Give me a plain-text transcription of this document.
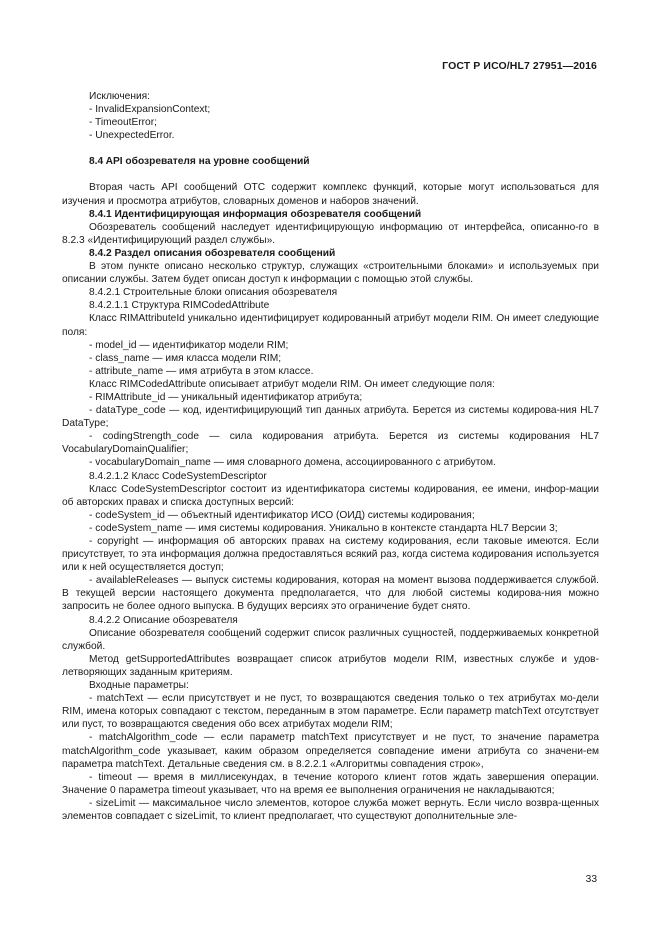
ГОСТ Р ИСО/HL7 27951—2016

Исключения:

- InvalidExpansionContext;

- TimeoutError;

- UnexpectedError.

8.4 API обозревателя на уровне сообщений

Вторая часть API сообщений ОТС содержит комплекс функций, которые могут использоваться для изучения и просмотра атрибутов, словарных доменов и наборов значений.

8.4.1 Идентифицирующая информация обозревателя сообщений

Обозреватель сообщений наследует идентифицирующую информацию от интерфейса, описанно-го в 8.2.3 «Идентифицирующий раздел службы».

8.4.2 Раздел описания обозревателя сообщений

В этом пункте описано несколько структур, служащих «строительными блоками» и используемых при описании службы. Затем будет описан доступ к информации с помощью этой службы.

8.4.2.1 Строительные блоки описания обозревателя

8.4.2.1.1 Структура RIMCodedAttribute

Класс RIMAttributeId уникально идентифицирует кодированный атрибут модели RIM. Он имеет следующие поля:

- model_id — идентификатор модели RIM;

- class_name — имя класса модели RIM;

- attribute_name — имя атрибута в этом классе.

Класс RIMCodedAttribute описывает атрибут модели RIM. Он имеет следующие поля:

- RIMAttribute_id — уникальный идентификатор атрибута;

- dataType_code — код, идентифицирующий тип данных атрибута. Берется из системы кодирова-ния HL7 DataType;

- codingStrength_code — сила кодирования атрибута. Берется из системы кодирования HL7 VocabularyDomainQualifier;

- vocabularyDomain_name — имя словарного домена, ассоциированного с атрибутом.

8.4.2.1.2 Класс CodeSystemDescriptor

Класс CodeSystemDescriptor состоит из идентификатора системы кодирования, ее имени, инфор-мации об авторских правах и списка доступных версий:

- codeSystem_id — объектный идентификатор ИСО (ОИД) системы кодирования;

- codeSystem_name — имя системы кодирования. Уникально в контексте стандарта HL7 Версии 3;

- copyright — информация об авторских правах на систему кодирования, если таковые имеются. Если присутствует, то эта информация должна предоставляться всякий раз, когда система кодирования используется или к ней осуществляется доступ;

- availableReleases — выпуск системы кодирования, которая на момент вызова поддерживается службой. В текущей версии настоящего документа предполагается, что для любой системы кодирова-ния можно запросить не более одного выпуска. В будущих версиях это ограничение будет снято.

8.4.2.2 Описание обозревателя

Описание обозревателя сообщений содержит список различных сущностей, поддерживаемых конкретной службой.

Метод getSupportedAttributes возвращает список атрибутов модели RIM, известных службе и удов-летворяющих заданным критериям.

Входные параметры:

- matchText — если присутствует и не пуст, то возвращаются сведения только о тех атрибутах мо-дели RIM, имена которых совпадают с текстом, переданным в этом параметре. Если параметр matchText отсутствует или пуст, то возвращаются сведения обо всех атрибутах модели RIM;

- matchAlgorithm_code — если параметр matchText присутствует и не пуст, то значение параметра matchAlgorithm_code указывает, каким образом определяется совпадение имени атрибута со значени-ем параметра matchText. Детальные сведения см. в 8.2.2.1 «Алгоритмы совпадения строк»,

- timeout — время в миллисекундах, в течение которого клиент готов ждать завершения операции. Значение 0 параметра timeout указывает, что на время ее выполнения ограничения не накладываются;

- sizeLimit — максимальное число элементов, которое служба может вернуть. Если число возвра-щенных элементов совпадает с sizeLimit, то клиент предполагает, что существуют дополнительные эле-

33
